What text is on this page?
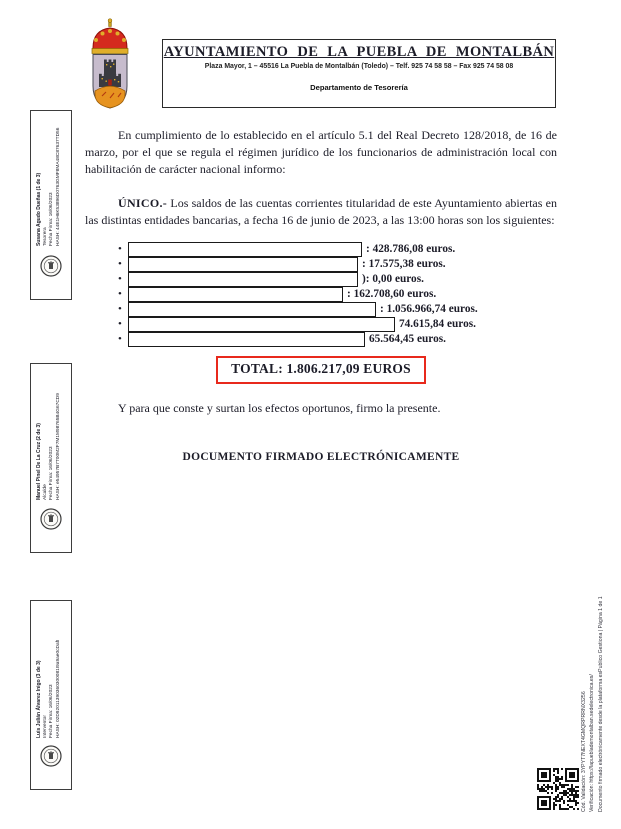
AYUNTAMIENTO DE LA PUEBLA DE MONTALBÁN
Plaza Mayor, 1 – 45516 La Puebla de Montalbán (Toledo) – Telf. 925 74 58 58 – Fax 925 74 58 08
Departamento de Tesorería

En cumplimiento de lo establecido en el artículo 5.1 del Real Decreto 128/2018, de 16 de marzo, por el que se regula el régimen jurídico de los funcionarios de administración local con habilitación de carácter nacional informo:

ÚNICO.- Los saldos de las cuentas corrientes titularidad de este Ayuntamiento abiertas en las distintas entidades bancarias, a fecha 16 de junio de 2023, a las 13:00 horas son los siguientes:

•	: 428.786,08 euros.
•	: 17.575,38 euros.
•	): 0,00 euros.
•	: 162.708,60 euros.
•	: 1.056.966,74 euros.
•	74.615,84 euros.
•	65.564,45 euros.
TOTAL: 1.806.217,09 EUROS

Y para que conste y surtan los efectos oportunos, firmo la presente.

DOCUMENTO FIRMADO ELECTRÓNICAMENTE
Susana Agudo Dueñas (1 de 3) Tesorera Fecha Firma: 16/06/2023 HASH: 44E1H6K53896D0763GMF8MA48C87637TD56
Manuel Pinel De La Cruz (2 de 3) Alcalde Fecha Firma: 16/06/2023 HASH: e54957B7T00M2F7M1M98765B4G67CD9
Luis Julián Álvarez Inigo (3 de 3) Interventor Fecha Firma: 16/06/2023 HASH: 02D92011390360300081I9a9ae0cDafI
Cód. Validación: 3YPYT7NEXT4GMQRPRRNX3256 Verificación: https://lapueblademontalban.sedelectronica.es/ Documento firmado electrónicamente desde la plataforma esPublico Gestiona | Página 1 de 1
